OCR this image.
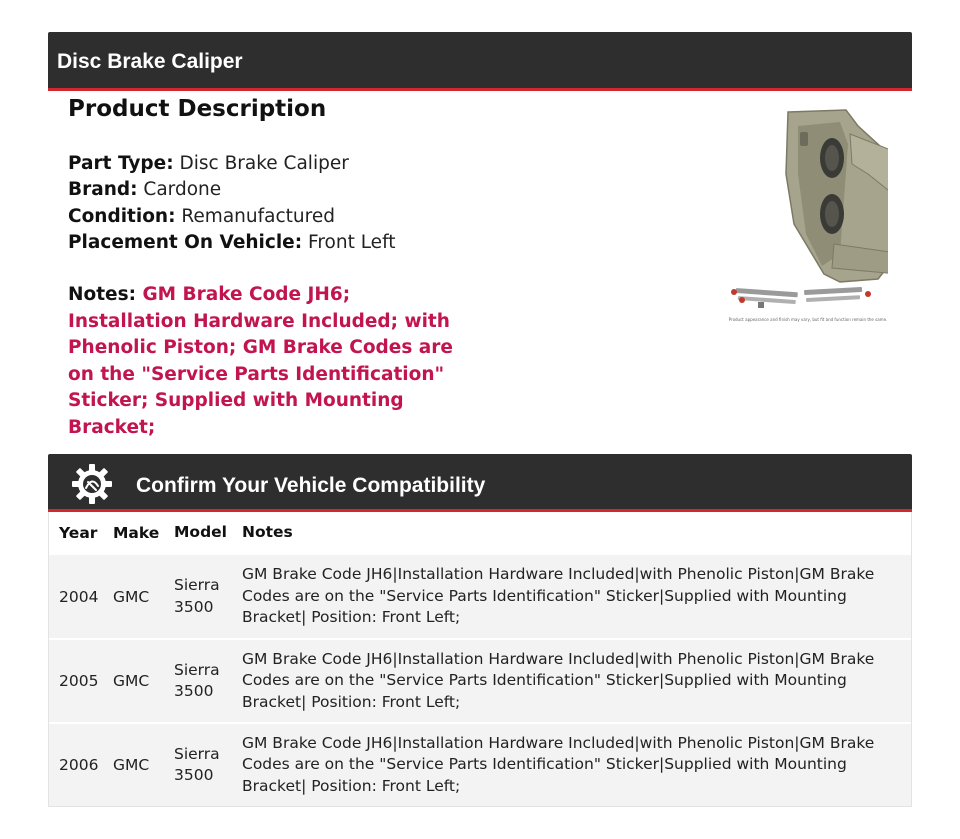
Disc Brake Caliper
Product Description
Part Type: Disc Brake Caliper
Brand: Cardone
Condition: Remanufactured
Placement On Vehicle: Front Left
Notes: GM Brake Code JH6; Installation Hardware Included; with Phenolic Piston; GM Brake Codes are on the "Service Parts Identification" Sticker; Supplied with Mounting Bracket;
Product appearance and finish may vary, but fit and function remain the same.
Confirm Your Vehicle Compatibility
Year	Make Model Notes
2004 GMC
Sierra 3500
GM Brake Code JH6|Installation Hardware Included|with Phenolic Piston|GM Brake Codes are on the "Service Parts Identification" Sticker|Supplied with Mounting Bracket| Position: Front Left;
2005 GMC
Sierra 3500
GM Brake Code JH6|Installation Hardware Included|with Phenolic Piston|GM Brake Codes are on the "Service Parts Identification" Sticker|Supplied with Mounting Bracket| Position: Front Left;
2006 GMC
Sierra 3500
GM Brake Code JH6|Installation Hardware Included|with Phenolic Piston|GM Brake Codes are on the "Service Parts Identification" Sticker|Supplied with Mounting Bracket| Position: Front Left;
